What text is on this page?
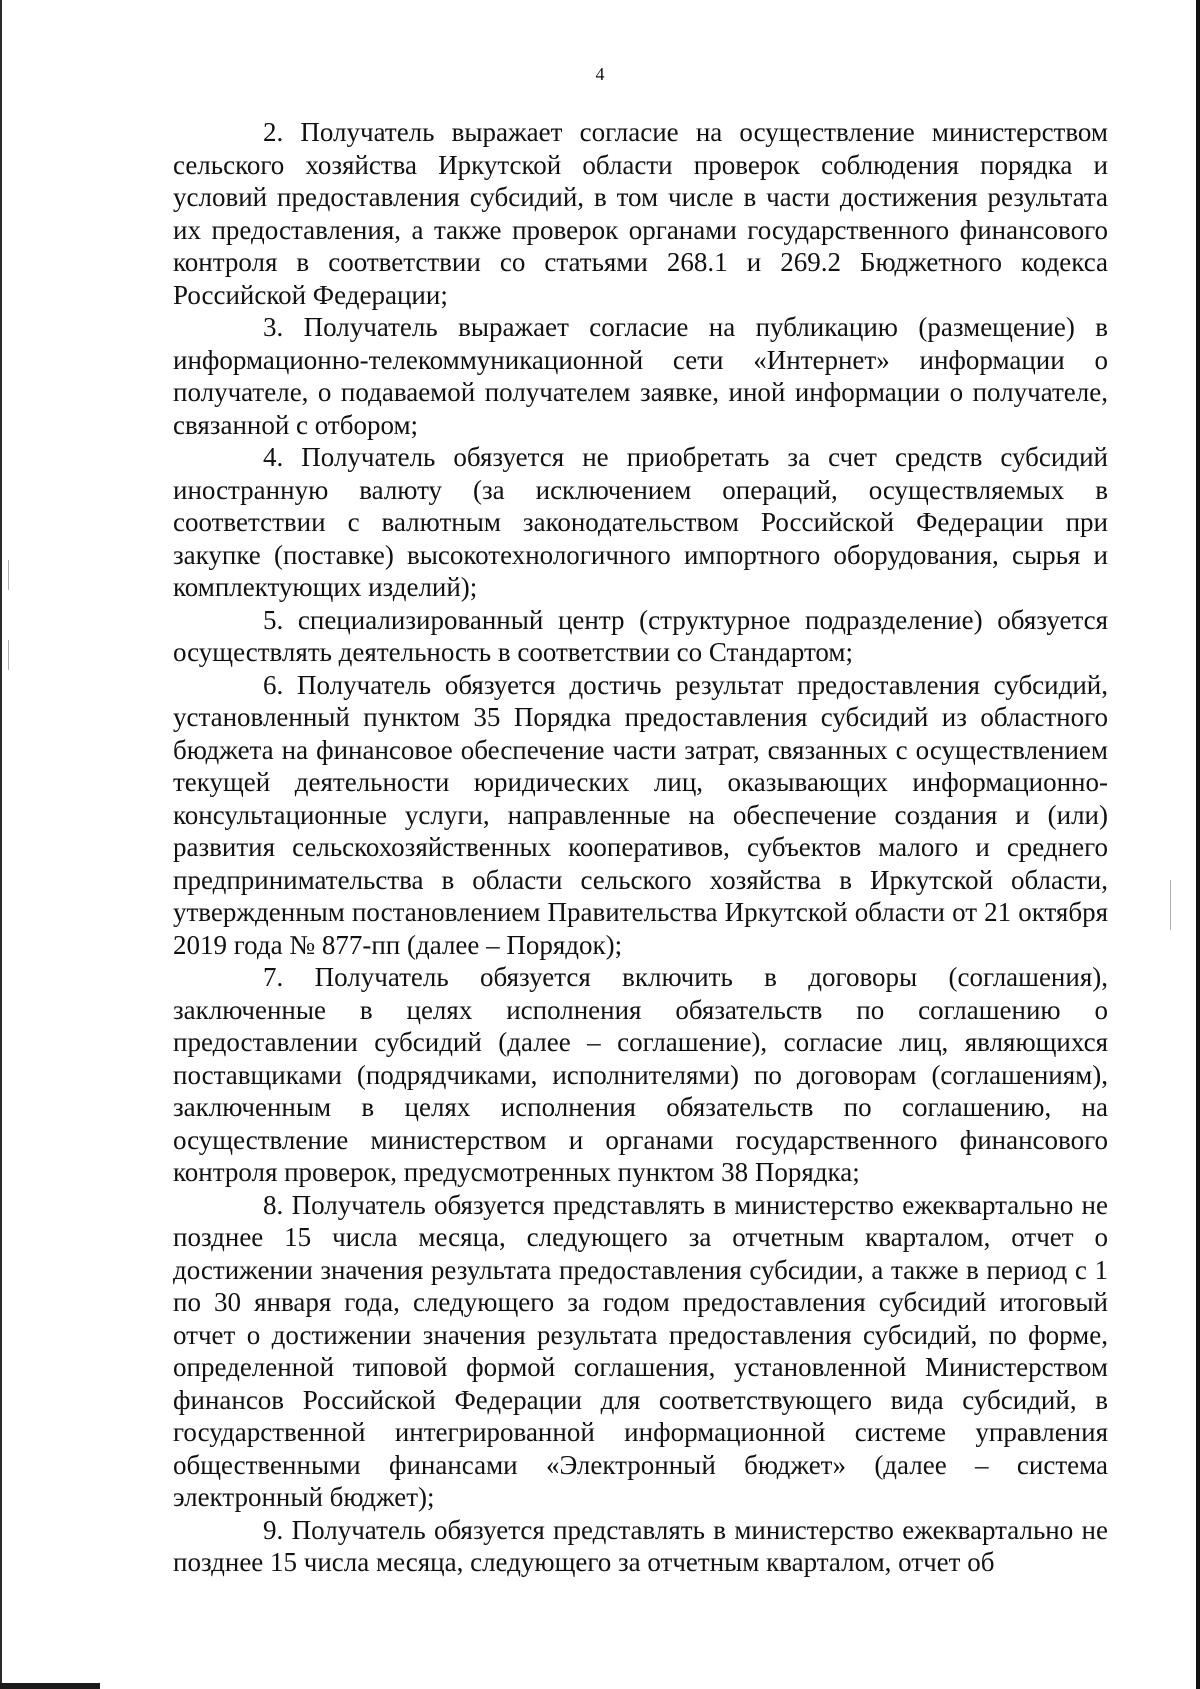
4

2. Получатель выражает согласие на осуществление министерством сельского хозяйства Иркутской области проверок соблюдения порядка и условий предоставления субсидий, в том числе в части достижения результата их предоставления, а также проверок органами государственного финансового контроля в соответствии со статьями 268.1 и 269.2 Бюджетного кодекса Российской Федерации;

3. Получатель выражает согласие на публикацию (размещение) в информационно-телекоммуникационной сети «Интернет» информации о получателе, о подаваемой получателем заявке, иной информации о получателе, связанной с отбором;

4. Получатель обязуется не приобретать за счет средств субсидий иностранную валюту (за исключением операций, осуществляемых в соответствии с валютным законодательством Российской Федерации при закупке (поставке) высокотехнологичного импортного оборудования, сырья и комплектующих изделий);

5. специализированный центр (структурное подразделение) обязуется осуществлять деятельность в соответствии со Стандартом;

6. Получатель обязуется достичь результат предоставления субсидий, установленный пунктом 35 Порядка предоставления субсидий из областного бюджета на финансовое обеспечение части затрат, связанных с осуществлением текущей деятельности юридических лиц, оказывающих информационно-консультационные услуги, направленные на обеспечение создания и (или) развития сельскохозяйственных кооперативов, субъектов малого и среднего предпринимательства в области сельского хозяйства в Иркутской области, утвержденным постановлением Правительства Иркутской области от 21 октября 2019 года № 877-пп (далее – Порядок);

7. Получатель обязуется включить в договоры (соглашения), заключенные в целях исполнения обязательств по соглашению о предоставлении субсидий (далее – соглашение), согласие лиц, являющихся поставщиками (подрядчиками, исполнителями) по договорам (соглашениям), заключенным в целях исполнения обязательств по соглашению, на осуществление министерством и органами государственного финансового контроля проверок, предусмотренных пунктом 38 Порядка;

8. Получатель обязуется представлять в министерство ежеквартально не позднее 15 числа месяца, следующего за отчетным кварталом, отчет о достижении значения результата предоставления субсидии, а также в период с 1 по 30 января года, следующего за годом предоставления субсидий итоговый отчет о достижении значения результата предоставления субсидий, по форме, определенной типовой формой соглашения, установленной Министерством финансов Российской Федерации для соответствующего вида субсидий, в государственной интегрированной информационной системе управления общественными финансами «Электронный бюджет» (далее – система электронный бюджет);

9. Получатель обязуется представлять в министерство ежеквартально не позднее 15 числа месяца, следующего за отчетным кварталом, отчет об
